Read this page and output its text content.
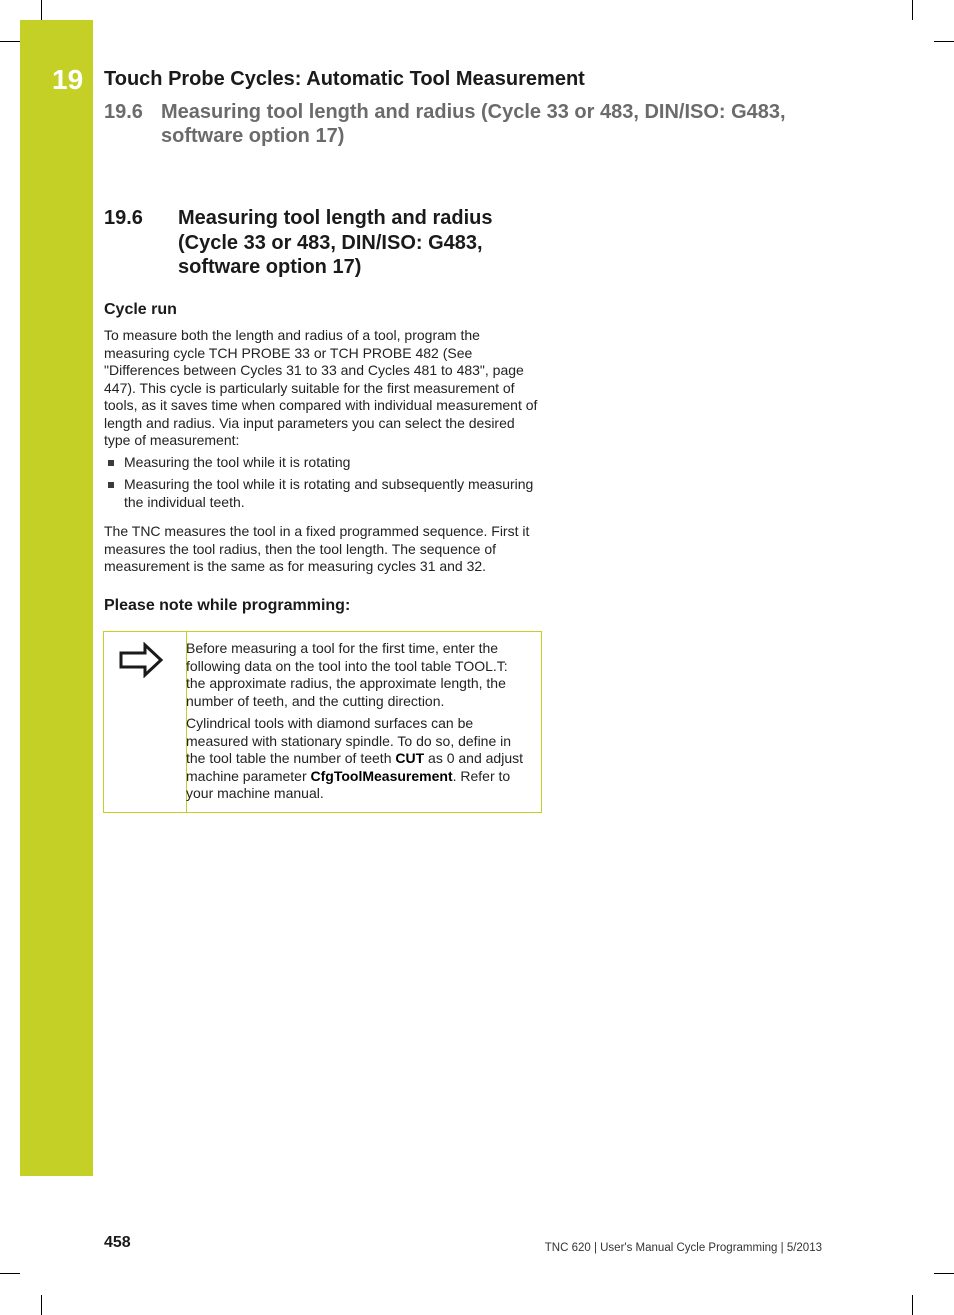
19 Touch Probe Cycles: Automatic Tool Measurement
19.6 Measuring tool length and radius (Cycle 33 or 483, DIN/ISO: G483, software option 17)
19.6 Measuring tool length and radius (Cycle 33 or 483, DIN/ISO: G483, software option 17)
Cycle run

To measure both the length and radius of a tool, program the measuring cycle TCH PROBE 33 or TCH PROBE 482 (See "Differences between Cycles 31 to 33 and Cycles 481 to 483", page 447). This cycle is particularly suitable for the first measurement of tools, as it saves time when compared with individual measurement of length and radius. Via input parameters you can select the desired type of measurement:

Measuring the tool while it is rotating
Measuring the tool while it is rotating and subsequently measuring the individual teeth.

The TNC measures the tool in a fixed programmed sequence. First it measures the tool radius, then the tool length. The sequence of measurement is the same as for measuring cycles 31 and 32.

Please note while programming:

Before measuring a tool for the first time, enter the following data on the tool into the tool table TOOL.T: the approximate radius, the approximate length, the number of teeth, and the cutting direction.

Cylindrical tools with diamond surfaces can be measured with stationary spindle. To do so, define in the tool table the number of teeth CUT as 0 and adjust machine parameter CfgToolMeasurement. Refer to your machine manual.

458	TNC 620 | User's Manual Cycle Programming | 5/2013
